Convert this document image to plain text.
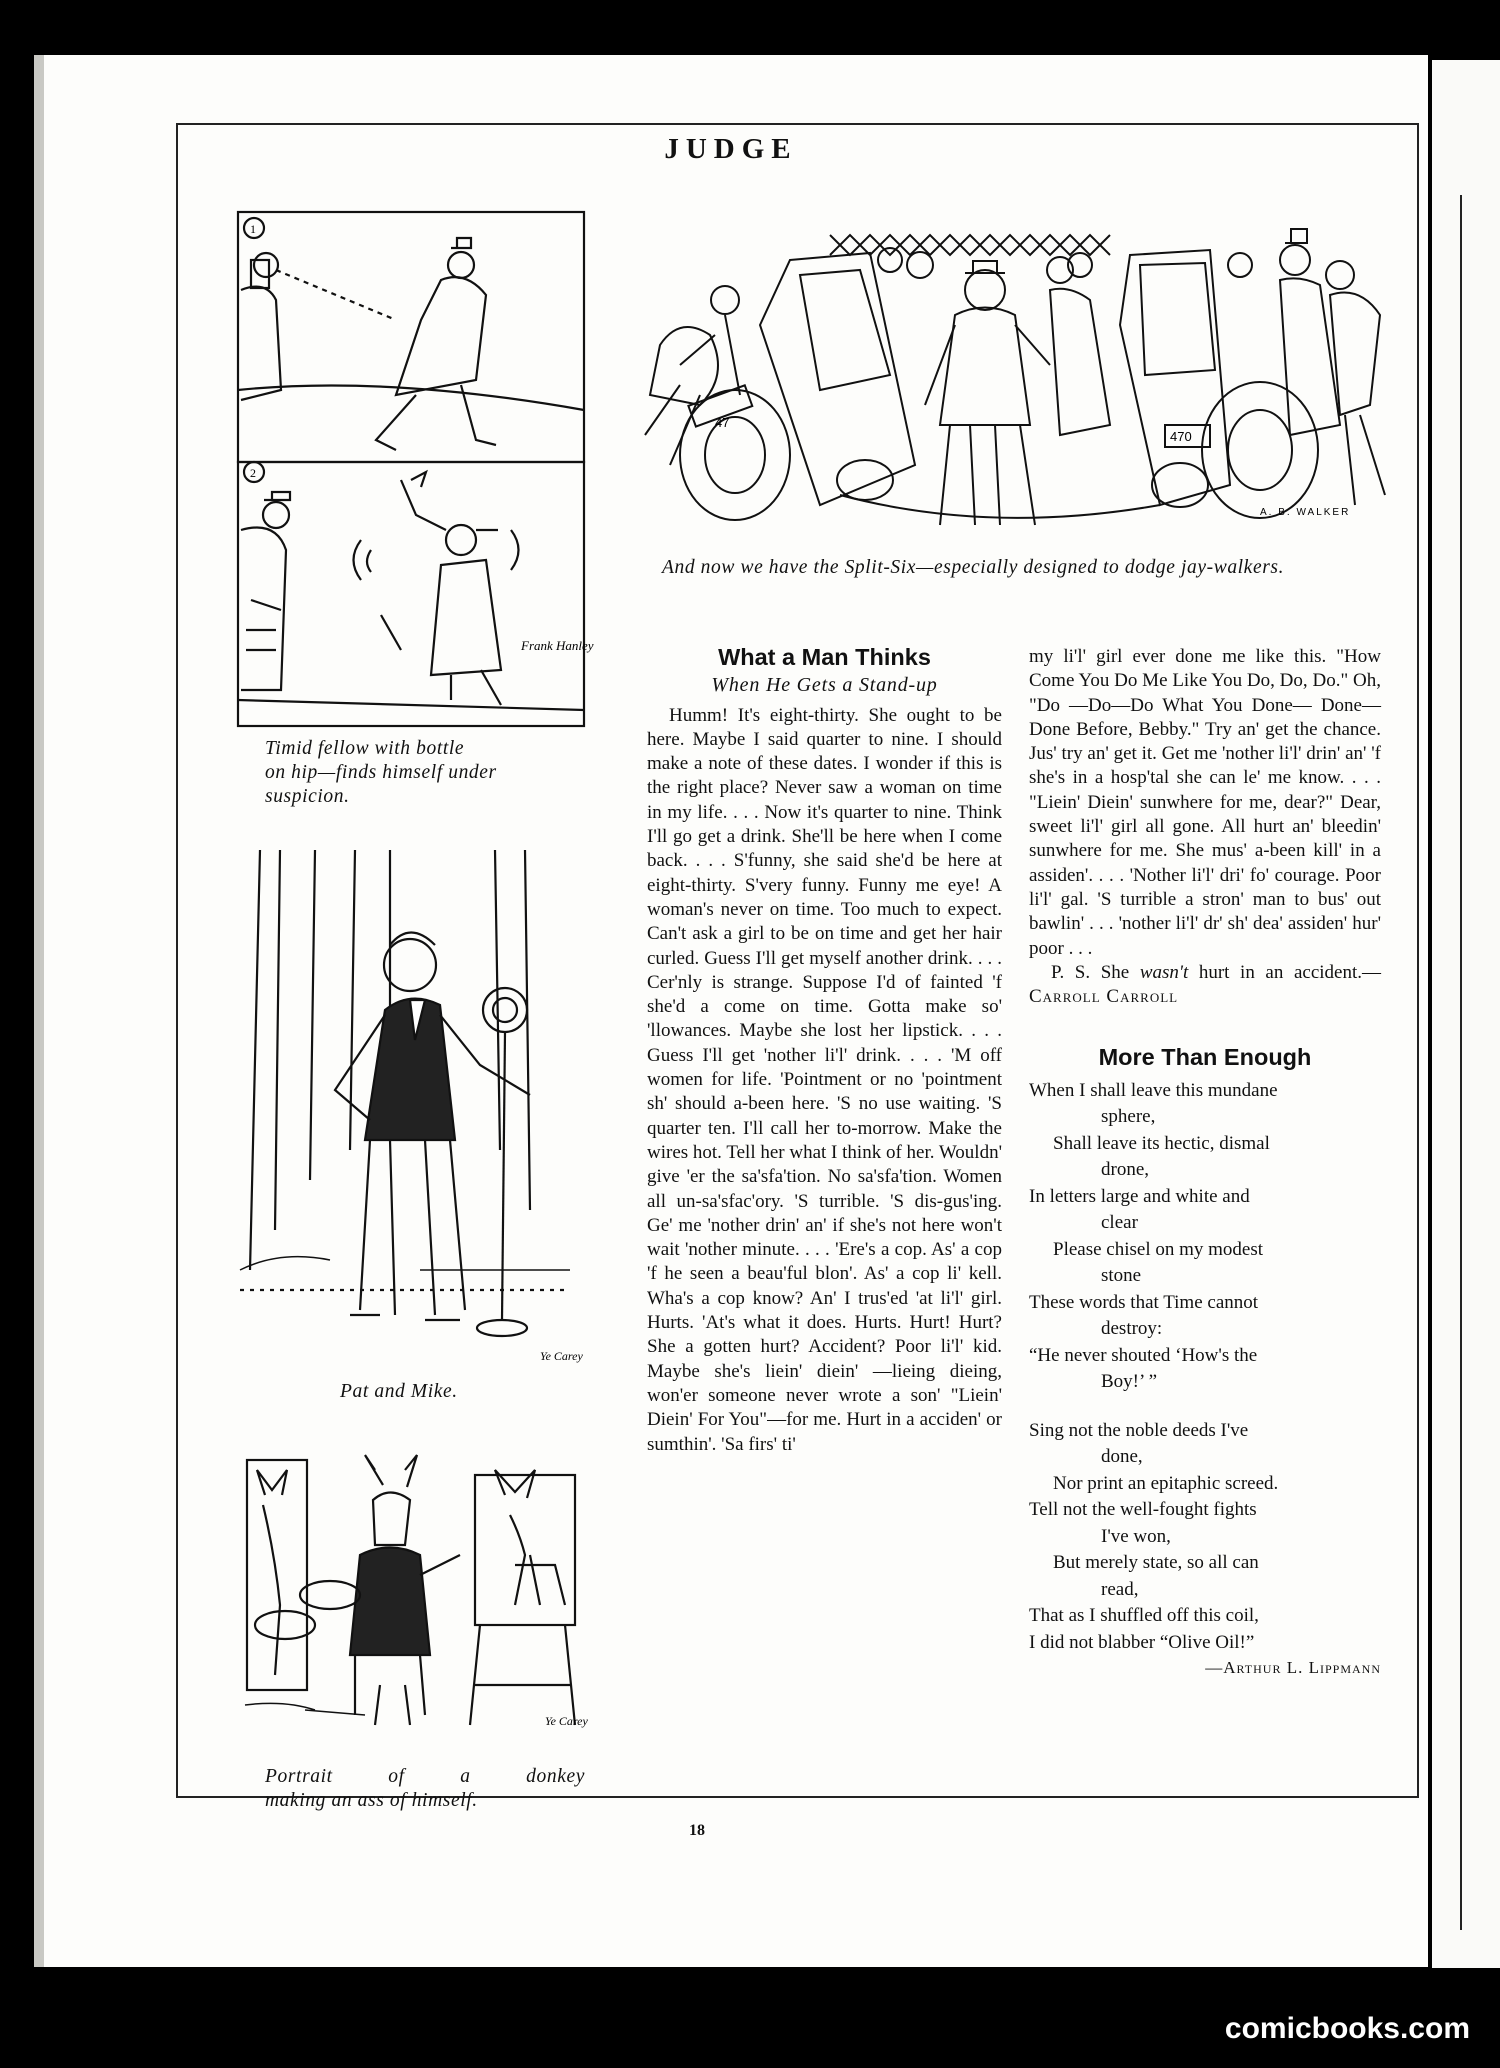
JUDGE
47
470
A. B. WALKER
And now we have the Split-Six—especially designed to dodge jay-walkers.
1
2
Frank Hanley
Timid fellow with bottle
on hip—finds himself under
suspicion.
Ye Carey
Pat and Mike.
Ye Carey
Portrait of a donkey
making an ass of himself.
What a Man Thinks
When He Gets a Stand-up

Humm! It's eight-thirty. She ought to be here. Maybe I said quarter to nine. I should make a note of these dates. I wonder if this is the right place? Never saw a woman on time in my life. . . . Now it's quarter to nine. Think I'll go get a drink. She'll be here when I come back. . . . S'funny, she said she'd be here at eight-thirty. S'very funny. Funny me eye! A woman's never on time. Too much to expect. Can't ask a girl to be on time and get her hair curled. Guess I'll get myself another drink. . . . Cer'nly is strange. Suppose I'd of fainted 'f she'd a come on time. Gotta make so' 'llowances. Maybe she lost her lipstick. . . . Guess I'll get 'nother li'l' drink. . . . 'M off women for life. 'Pointment or no 'pointment sh' should a-been here. 'S no use waiting. 'S quarter ten. I'll call her to-morrow. Make the wires hot. Tell her what I think of her. Wouldn' give 'er the sa'sfa'tion. No sa'sfa'tion. Women all un-sa'sfac'ory. 'S turrible. 'S dis-gus'ing. Ge' me 'nother drin' an' if she's not here won't wait 'nother minute. . . . 'Ere's a cop. As' a cop 'f he seen a beau'ful blon'. As' a cop li' kell. Wha's a cop know? An' I trus'ed 'at li'l' girl. Hurts. 'At's what it does. Hurts. Hurt! Hurt? She a gotten hurt? Accident? Poor li'l' kid. Maybe she's liein' diein' —lieing dieing, won'er someone never wrote a son' "Liein' Diein' For You"—for me. Hurt in a acciden' or sumthin'. 'Sa firs' ti'

my li'l' girl ever done me like this. "How Come You Do Me Like You Do, Do, Do." Oh, "Do —Do—Do What You Done— Done—Done Before, Bebby." Try an' get the chance. Jus' try an' get it. Get me 'nother li'l' drin' an' 'f she's in a hosp'tal she can le' me know. . . . "Liein' Diein' sunwhere for me, dear?" Dear, sweet li'l' girl all gone. All hurt an' bleedin' sunwhere for me. She mus' a-been kill' in a assiden'. . . . 'Nother li'l' dri' fo' courage. Poor li'l' gal. 'S turrible a stron' man to bus' out bawlin' . . . 'nother li'l' dr' sh' dea' assiden' hur' poor . . .

P. S. She wasn't hurt in an accident.—Carroll Carroll

More Than Enough
When I shall leave this mundane
sphere,
Shall leave its hectic, dismal
drone,
In letters large and white and
clear
Please chisel on my modest
stone
These words that Time cannot
destroy:
“He never shouted ‘How's the
Boy!’ ”
Sing not the noble deeds I've
done,
Nor print an epitaphic screed.
Tell not the well-fought fights
I've won,
But merely state, so all can
read,
That as I shuffled off this coil,
I did not blabber “Olive Oil!”
—Arthur L. Lippmann
18
comicbooks.com
